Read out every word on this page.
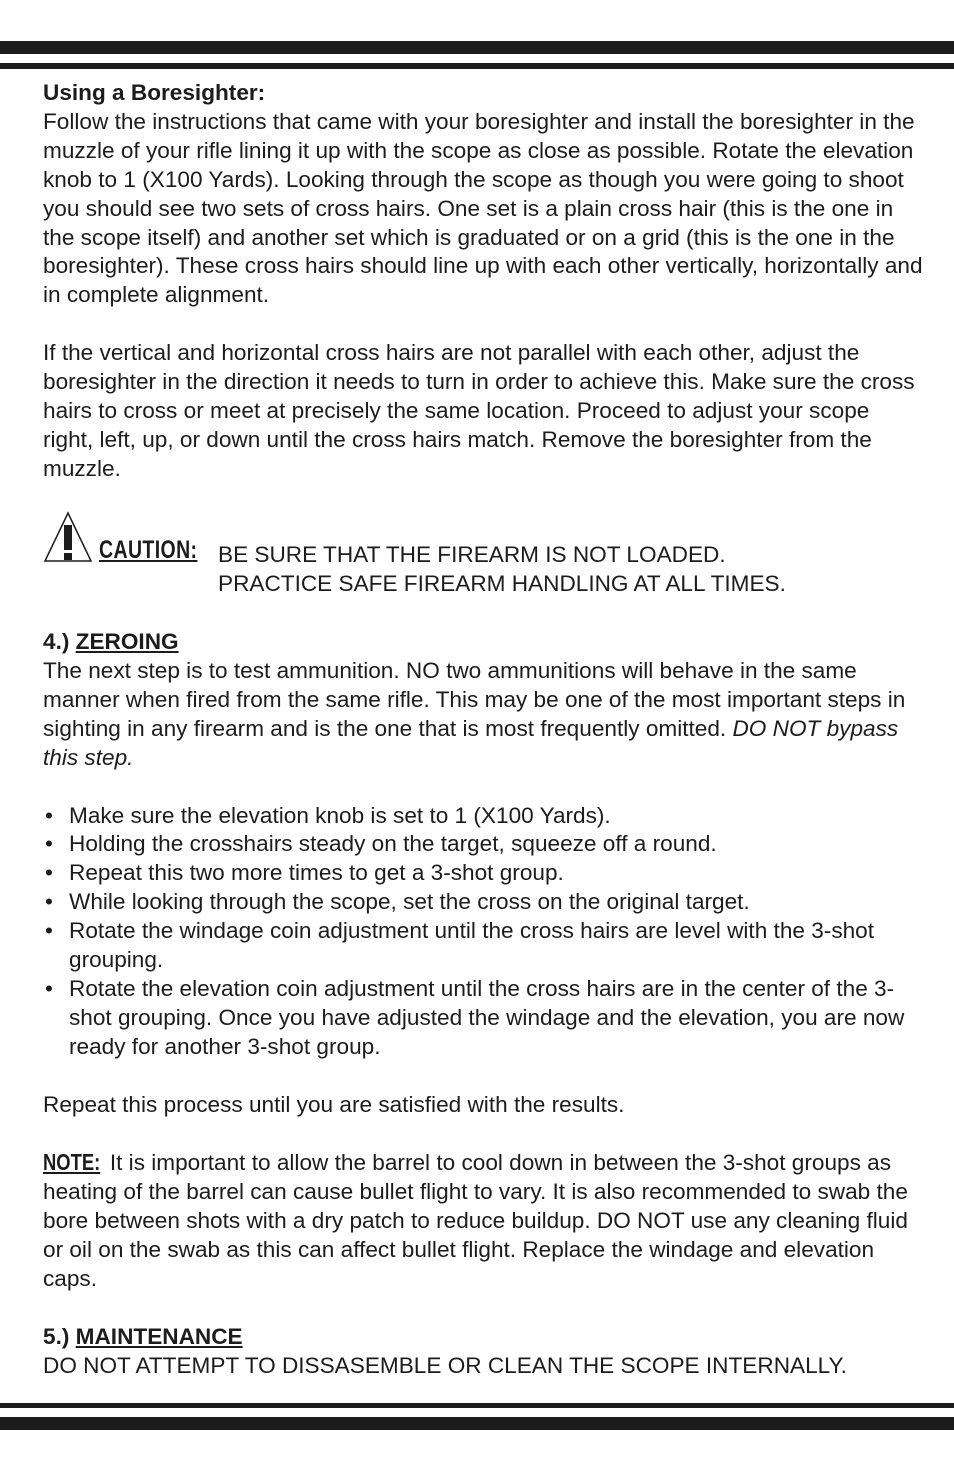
Using a Boresighter:

Follow the instructions that came with your boresighter and install the boresighter in the muzzle of your rifle lining it up with the scope as close as possible. Rotate the elevation knob to 1 (X100 Yards). Looking through the scope as though you were going to shoot you should see two sets of cross hairs. One set is a plain cross hair (this is the one in the scope itself) and another set which is graduated or on a grid (this is the one in the boresighter). These cross hairs should line up with each other vertically, horizontally and in complete alignment.

If the vertical and horizontal cross hairs are not parallel with each other, adjust the boresighter in the direction it needs to turn in order to achieve this. Make sure the cross hairs to cross or meet at precisely the same location. Proceed to adjust your scope right, left, up, or down until the cross hairs match. Remove the boresighter from the muzzle.

CAUTION: BE SURE THAT THE FIREARM IS NOT LOADED.

PRACTICE SAFE FIREARM HANDLING AT ALL TIMES.

4.) ZEROING

The next step is to test ammunition. NO two ammunitions will behave in the same manner when fired from the same rifle. This may be one of the most important steps in sighting in any firearm and is the one that is most frequently omitted. DO NOT bypass this step.

• Make sure the elevation knob is set to 1 (X100 Yards).
• Holding the crosshairs steady on the target, squeeze off a round.
• Repeat this two more times to get a 3-shot group.
• While looking through the scope, set the cross on the original target.
• Rotate the windage coin adjustment until the cross hairs are level with the 3-shot grouping.
• Rotate the elevation coin adjustment until the cross hairs are in the center of the 3-shot grouping. Once you have adjusted the windage and the elevation, you are now ready for another 3-shot group.

Repeat this process until you are satisfied with the results.

NOTE: It is important to allow the barrel to cool down in between the 3-shot groups as heating of the barrel can cause bullet flight to vary. It is also recommended to swab the bore between shots with a dry patch to reduce buildup. DO NOT use any cleaning fluid or oil on the swab as this can affect bullet flight. Replace the windage and elevation caps.

5.) MAINTENANCE

DO NOT ATTEMPT TO DISSASEMBLE OR CLEAN THE SCOPE INTERNALLY.
